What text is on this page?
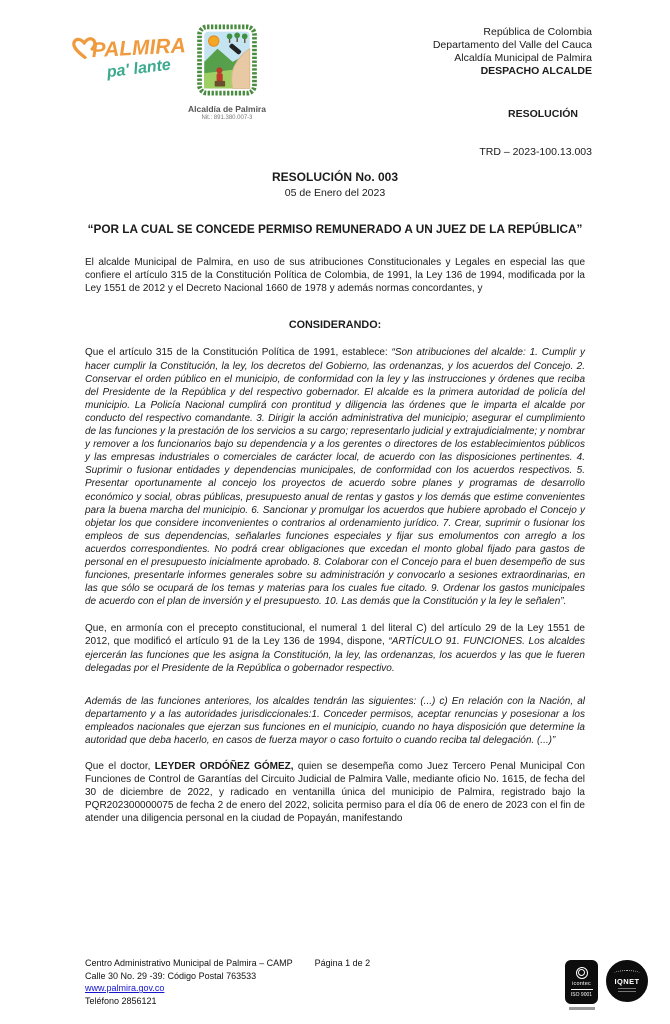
PALMIRA
pa' lante
Alcaldía de Palmira
Nit.: 891.380.007-3
República de Colombia
Departamento del Valle del Cauca
Alcaldía Municipal de Palmira
DESPACHO ALCALDE
RESOLUCIÓN
TRD – 2023-100.13.003
RESOLUCIÓN No. 003
05 de Enero del 2023
“POR LA CUAL SE CONCEDE PERMISO REMUNERADO A UN JUEZ DE LA REPÚBLICA”

El alcalde Municipal de Palmira, en uso de sus atribuciones Constitucionales y Legales en especial las que confiere el artículo 315 de la Constitución Política de Colombia, de 1991, la Ley 136 de 1994, modificada por la Ley 1551 de 2012 y el Decreto Nacional 1660 de 1978 y además normas concordantes, y

CONSIDERANDO:

Que el artículo 315 de la Constitución Política de 1991, establece: “Son atribuciones del alcalde: 1. Cumplir y hacer cumplir la Constitución, la ley, los decretos del Gobierno, las ordenanzas, y los acuerdos del Concejo. 2. Conservar el orden público en el municipio, de conformidad con la ley y las instrucciones y órdenes que reciba del Presidente de la República y del respectivo gobernador. El alcalde es la primera autoridad de policía del municipio. La Policía Nacional cumplirá con prontitud y diligencia las órdenes que le imparta el alcalde por conducto del respectivo comandante. 3. Dirigir la acción administrativa del municipio; asegurar el cumplimiento de las funciones y la prestación de los servicios a su cargo; representarlo judicial y extrajudicialmente; y nombrar y remover a los funcionarios bajo su dependencia y a los gerentes o directores de los establecimientos públicos y las empresas industriales o comerciales de carácter local, de acuerdo con las disposiciones pertinentes. 4. Suprimir o fusionar entidades y dependencias municipales, de conformidad con los acuerdos respectivos. 5. Presentar oportunamente al concejo los proyectos de acuerdo sobre planes y programas de desarrollo económico y social, obras públicas, presupuesto anual de rentas y gastos y los demás que estime convenientes para la buena marcha del municipio. 6. Sancionar y promulgar los acuerdos que hubiere aprobado el Concejo y objetar los que considere inconvenientes o contrarios al ordenamiento jurídico. 7. Crear, suprimir o fusionar los empleos de sus dependencias, señalarles funciones especiales y fijar sus emolumentos con arreglo a los acuerdos correspondientes. No podrá crear obligaciones que excedan el monto global fijado para gastos de personal en el presupuesto inicialmente aprobado. 8. Colaborar con el Concejo para el buen desempeño de sus funciones, presentarle informes generales sobre su administración y convocarlo a sesiones extraordinarias, en las que sólo se ocupará de los temas y materias para los cuales fue citado. 9. Ordenar los gastos municipales de acuerdo con el plan de inversión y el presupuesto. 10. Las demás que la Constitución y la ley le señalen”.

Que, en armonía con el precepto constitucional, el numeral 1 del literal C) del artículo 29 de la Ley 1551 de 2012, que modificó el artículo 91 de la Ley 136 de 1994, dispone, “ARTÍCULO 91. FUNCIONES. Los alcaldes ejercerán las funciones que les asigna la Constitución, la ley, las ordenanzas, los acuerdos y las que le fueren delegadas por el Presidente de la República o gobernador respectivo.

Además de las funciones anteriores, los alcaldes tendrán las siguientes: (...) c) En relación con la Nación, al departamento y a las autoridades jurisdiccionales:1. Conceder permisos, aceptar renuncias y posesionar a los empleados nacionales que ejerzan sus funciones en el municipio, cuando no haya disposición que determine la autoridad que deba hacerlo, en casos de fuerza mayor o caso fortuito o cuando reciba tal delegación. (...)”

Que el doctor, LEYDER ORDÓÑEZ GÓMEZ, quien se desempeña como Juez Tercero Penal Municipal Con Funciones de Control de Garantías del Circuito Judicial de Palmira Valle, mediante oficio No. 1615, de fecha del 30 de diciembre de 2022, y radicado en ventanilla única del municipio de Palmira, registrado bajo la PQR202300000075 de fecha 2 de enero del 2022, solicita permiso para el día 06 de enero de 2023 con el fin de atender una diligencia personal en la ciudad de Popayán, manifestando

Centro Administrativo Municipal de Palmira – CAMP Página 1 de 2
Calle 30 No. 29 -39: Código Postal 763533
www.palmira.gov.co
Teléfono 2856121
icontec
ISO 9001
IQNET
